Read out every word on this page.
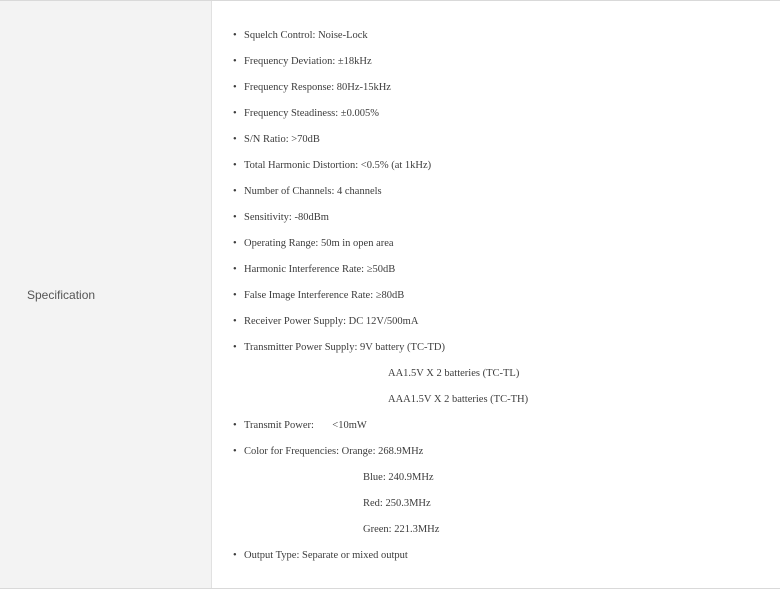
Specification
• Squelch Control: Noise-Lock
• Frequency Deviation: ±18kHz
• Frequency Response: 80Hz-15kHz
• Frequency Steadiness: ±0.005%
• S/N Ratio: >70dB
• Total Harmonic Distortion: <0.5% (at 1kHz)
• Number of Channels: 4 channels
• Sensitivity: -80dBm
• Operating Range: 50m in open area
• Harmonic Interference Rate: ≥50dB
• False Image Interference Rate: ≥80dB
• Receiver Power Supply: DC 12V/500mA
• Transmitter Power Supply: 9V battery (TC-TD)
AA1.5V X 2 batteries (TC-TL)
AAA1.5V X 2 batteries (TC-TH)
• Transmit Power:       <10mW
• Color for Frequencies: Orange: 268.9MHz
Blue: 240.9MHz
Red: 250.3MHz
Green: 221.3MHz
• Output Type: Separate or mixed output
